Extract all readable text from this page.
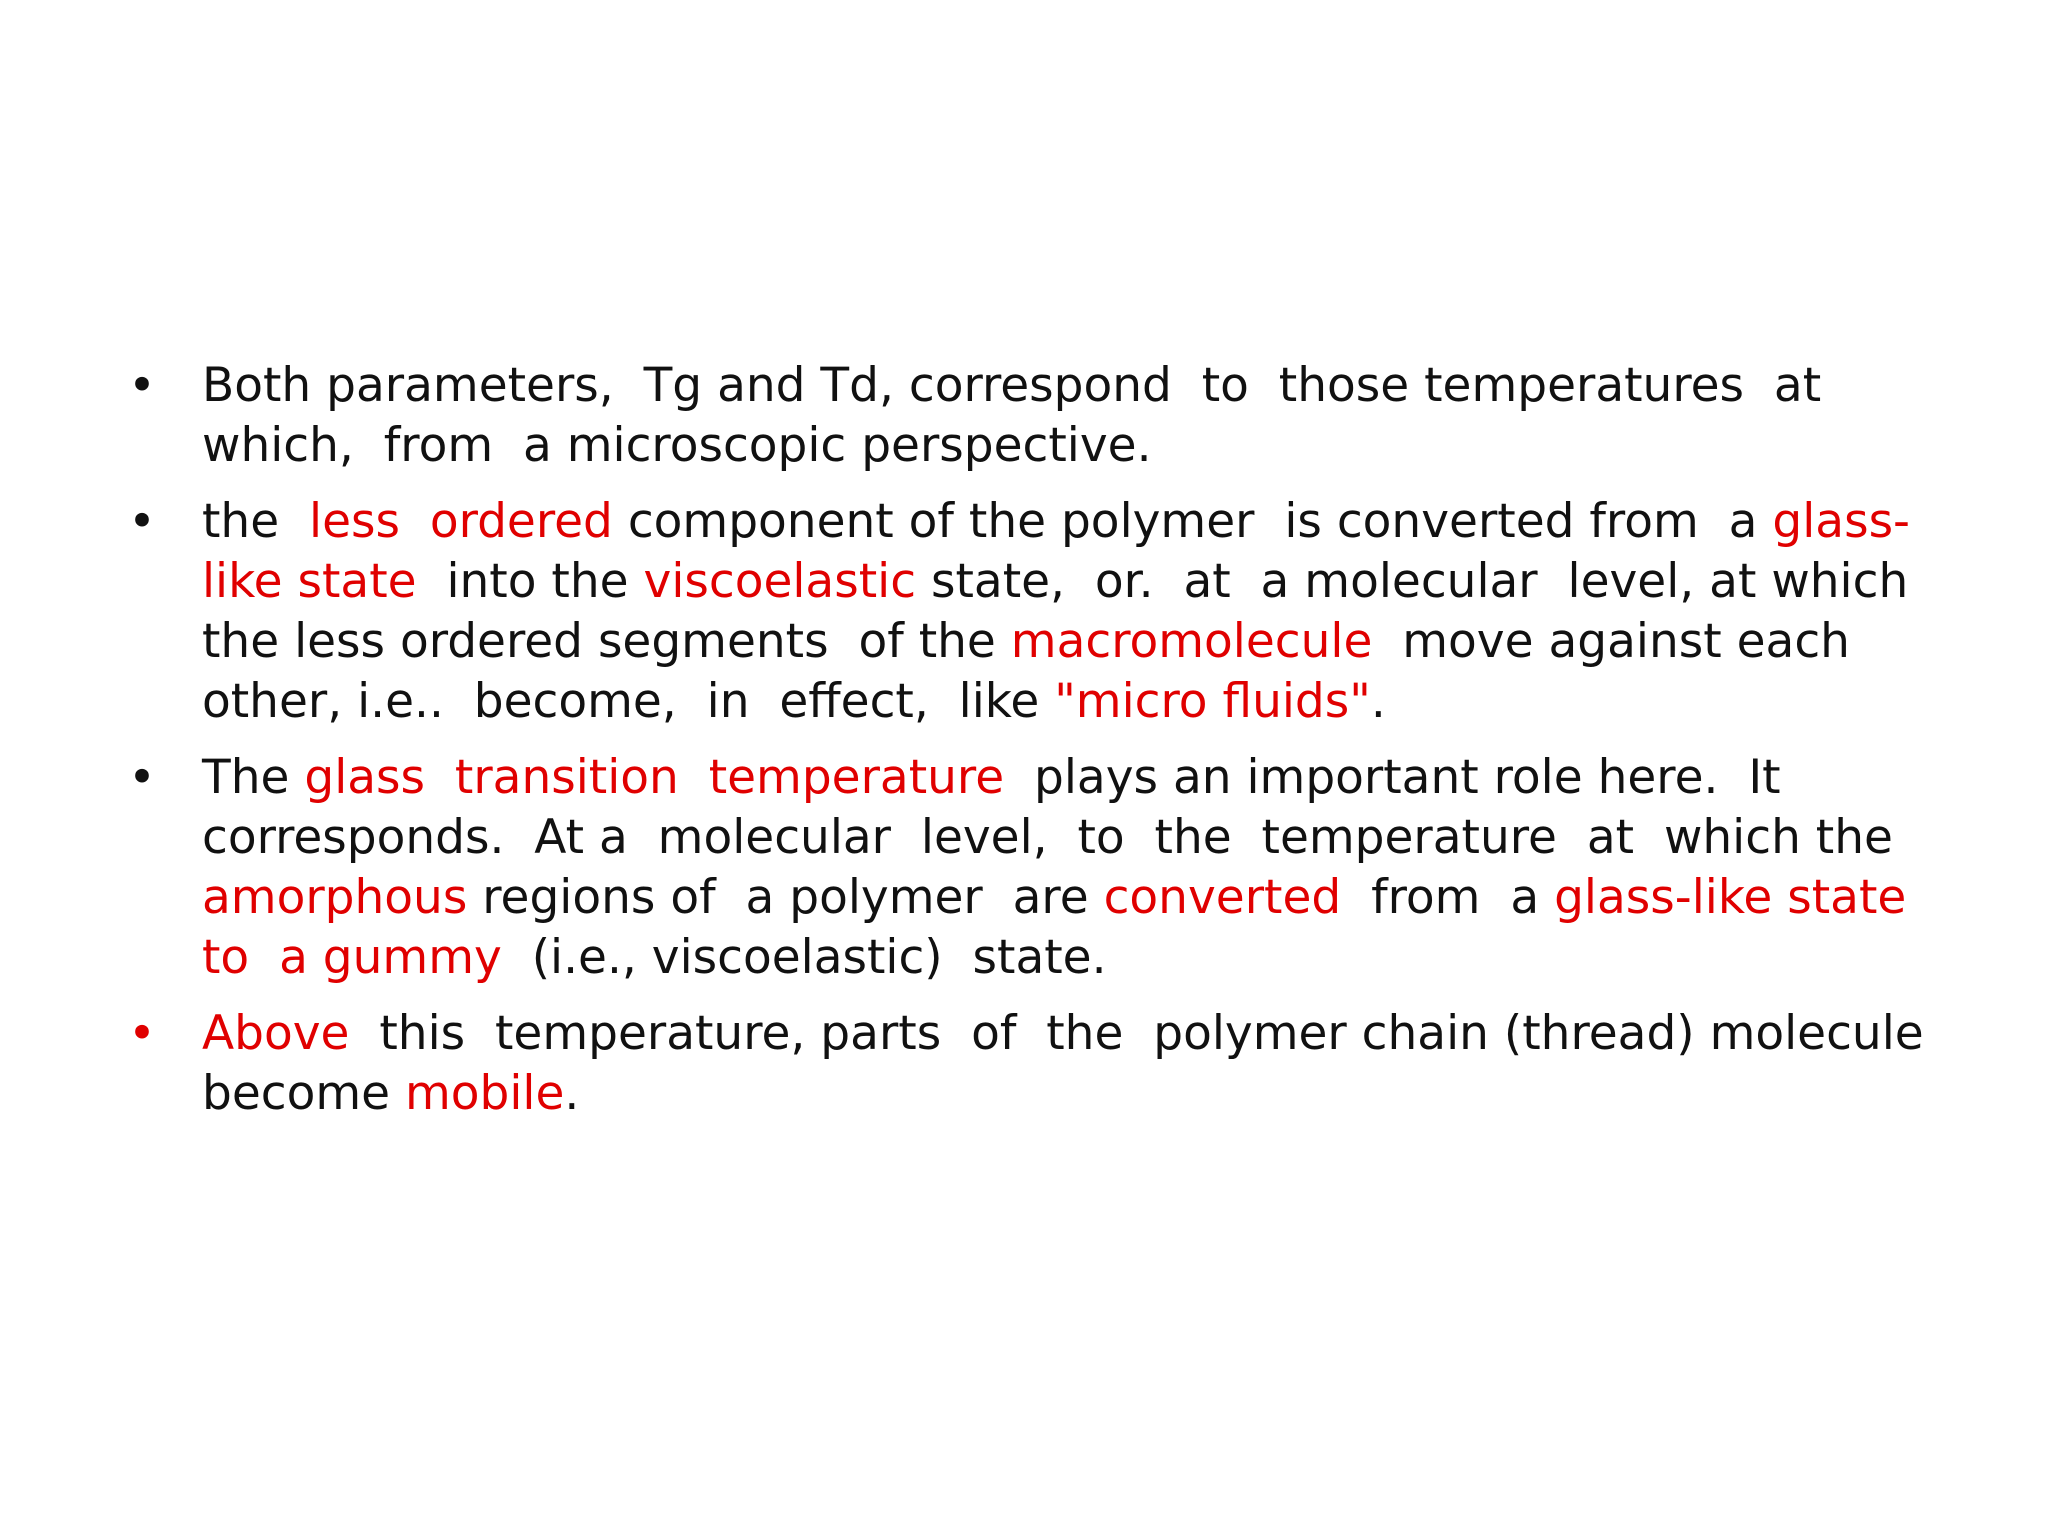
• Both parameters,  Tg and Td, correspond  to  those temperatures  at which,  from  a microscopic perspective.
• the  less  ordered component of the polymer  is converted from  a glass-like state  into the viscoelastic state,  or.  at  a molecular  level, at which  the less ordered segments  of the macromolecule  move against each other, i.e..  become,  in  effect,  like "micro fluids".
• The glass  transition  temperature  plays an important role here.  It corresponds.  At a  molecular  level,  to  the  temperature  at  which the amorphous regions of  a polymer  are converted  from  a glass-like state  to  a gummy  (i.e., viscoelastic)  state.
• Above  this  temperature, parts  of  the  polymer chain (thread) molecule become mobile.
